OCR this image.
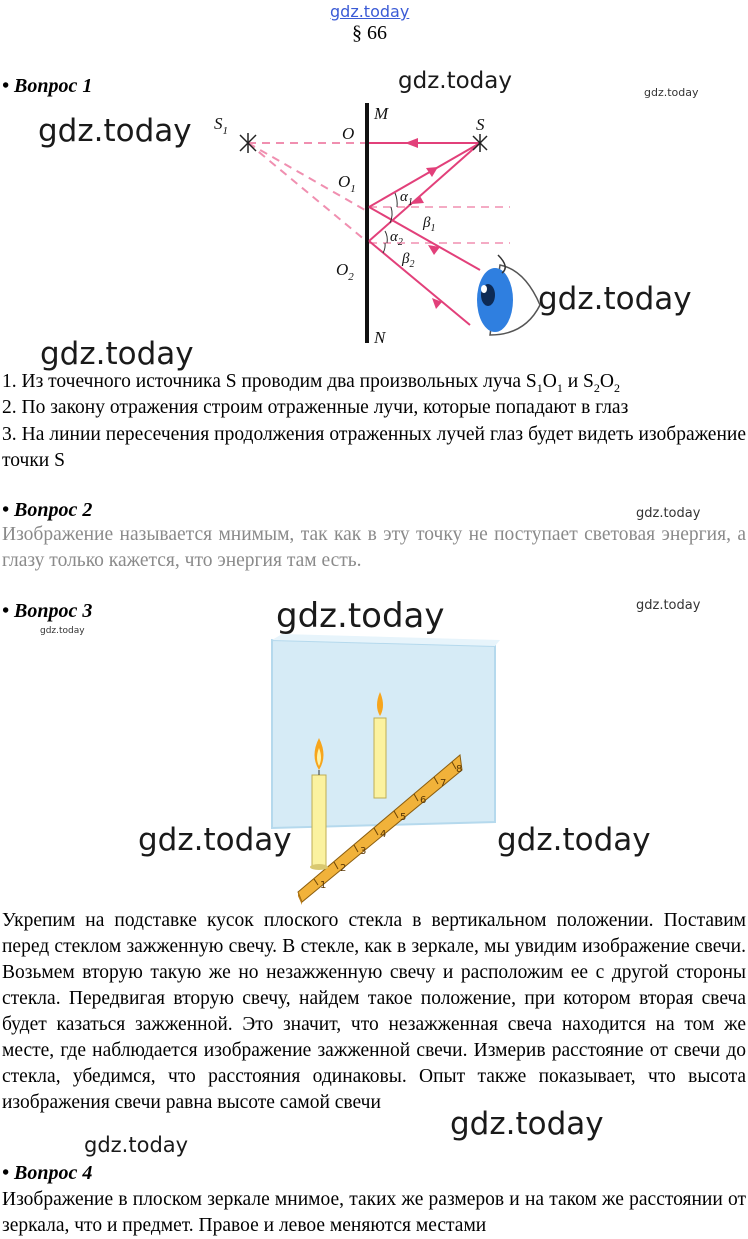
gdz.today
§ 66
• Вопрос 1	gdz.today	gdz.today
$S_1$	S
M
N
O
$O_1$
$O_2$
$\alpha_1$
$\beta_1$
$\alpha_2$
$\beta_2$
gdz.today
gdz.today
gdz.today
1. Из точечного источника S проводим два произвольных луча $S_1O_1$ и $S_2O_2$
2. По закону отражения строим отраженные лучи, которые попадают в глаз
3. На линии пересечения продолжения отраженных лучей глаз будет видеть изображение точки S
• Вопрос 2	gdz.today
Изображение называется мнимым, так как в эту точку не поступает световая энергия, а глазу только кажется, что энергия там есть.
• Вопрос 3
gdz.today	gdz.today	gdz.today
1
2
3
4
5
6
7
8
gdz.today	gdz.today
Укрепим на подставке кусок плоского стекла в вертикальном положении. Поставим перед стеклом зажженную свечу. В стекле, как в зеркале, мы увидим изображение свечи. Возьмем вторую такую же но незажженную свечу и расположим ее с другой стороны стекла. Передвигая вторую свечу, найдем такое положение, при котором вторая свеча будет казаться зажженной. Это значит, что незажженная свеча находится на том же месте, где наблюдается изображение зажженной свечи. Измерив расстояние от свечи до стекла, убедимся, что расстояния одинаковы. Опыт также показывает, что высота изображения свечи равна высоте самой свечи
gdz.today
gdz.today
• Вопрос 4
Изображение в плоском зеркале мнимое, таких же размеров и на таком же расстоянии от зеркала, что и предмет. Правое и левое меняются местами
